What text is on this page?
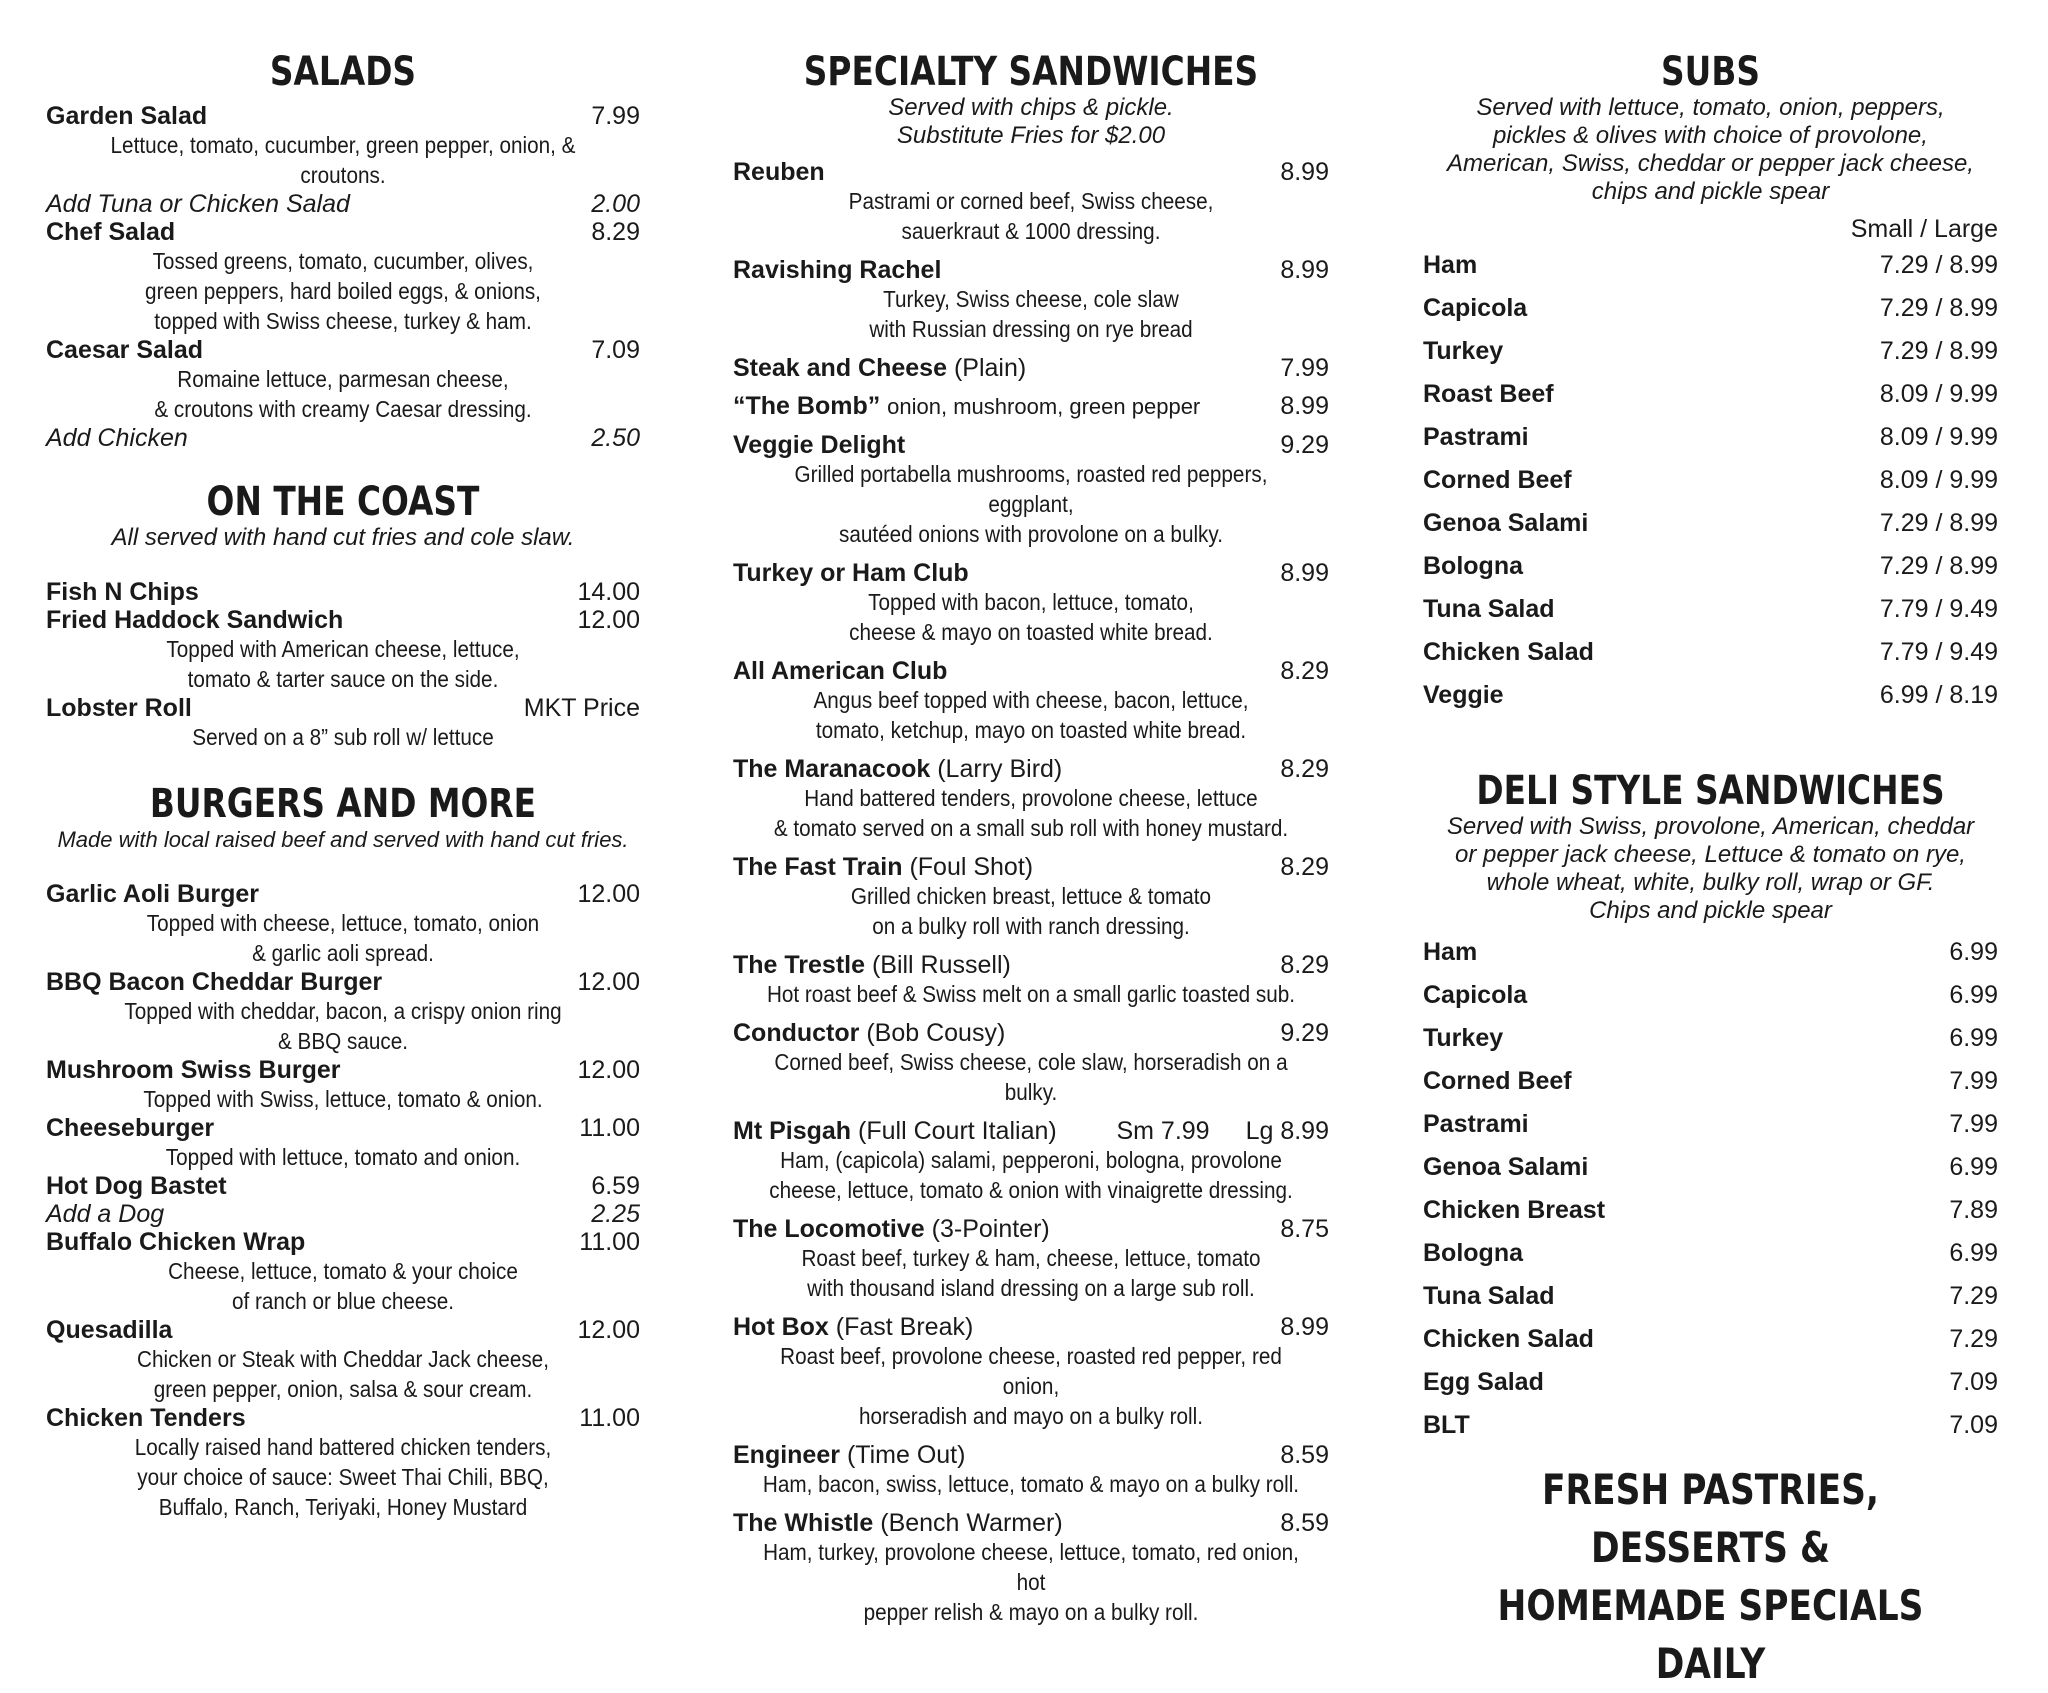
SALADS
Garden Salad	7.99
Lettuce, tomato, cucumber, green pepper, onion, & croutons.
Add Tuna or Chicken Salad	2.00
Chef Salad	8.29
Tossed greens, tomato, cucumber, olives,
green peppers, hard boiled eggs, & onions,
topped with Swiss cheese, turkey & ham.
Caesar Salad	7.09
Romaine lettuce, parmesan cheese,
& croutons with creamy Caesar dressing.
Add Chicken	2.50
ON THE COAST
All served with hand cut fries and cole slaw.
Fish N Chips	14.00
Fried Haddock Sandwich	12.00
Topped with American cheese, lettuce,
tomato & tarter sauce on the side.
Lobster Roll	MKT Price
Served on a 8” sub roll w/ lettuce
BURGERS AND MORE
Made with local raised beef and served with hand cut fries.
Garlic Aoli Burger	12.00
Topped with cheese, lettuce, tomato, onion
& garlic aoli spread.
BBQ Bacon Cheddar Burger	12.00
Topped with cheddar, bacon, a crispy onion ring
& BBQ sauce.
Mushroom Swiss Burger	12.00
Topped with Swiss, lettuce, tomato & onion.
Cheeseburger	11.00
Topped with lettuce, tomato and onion.
Hot Dog Bastet	6.59
Add a Dog	2.25
Buffalo Chicken Wrap	11.00
Cheese, lettuce, tomato & your choice
of ranch or blue cheese.
Quesadilla	12.00
Chicken or Steak with Cheddar Jack cheese,
green pepper, onion, salsa & sour cream.
Chicken Tenders	11.00
Locally raised hand battered chicken tenders,
your choice of sauce: Sweet Thai Chili, BBQ,
Buffalo, Ranch, Teriyaki, Honey Mustard
SPECIALTY SANDWICHES
Served with chips & pickle.
Substitute Fries for $2.00
Reuben	8.99
Pastrami or corned beef, Swiss cheese,
sauerkraut & 1000 dressing.
Ravishing Rachel	8.99
Turkey, Swiss cheese, cole slaw
with Russian dressing on rye bread
Steak and Cheese (Plain)	7.99
“The Bomb” onion, mushroom, green pepper	8.99
Veggie Delight	9.29
Grilled portabella mushrooms, roasted red peppers, eggplant,
sautéed onions with provolone on a bulky.
Turkey or Ham Club	8.99
Topped with bacon, lettuce, tomato,
cheese & mayo on toasted white bread.
All American Club	8.29
Angus beef topped with cheese, bacon, lettuce,
tomato, ketchup, mayo on toasted white bread.
The Maranacook (Larry Bird)	8.29
Hand battered tenders, provolone cheese, lettuce
& tomato served on a small sub roll with honey mustard.
The Fast Train (Foul Shot)	8.29
Grilled chicken breast, lettuce & tomato
on a bulky roll with ranch dressing.
The Trestle (Bill Russell)	8.29
Hot roast beef & Swiss melt on a small garlic toasted sub.
Conductor (Bob Cousy)	9.29
Corned beef, Swiss cheese, cole slaw, horseradish on a bulky.
Mt Pisgah (Full Court Italian) Sm 7.99 Lg 8.99
Ham, (capicola) salami, pepperoni, bologna, provolone
cheese, lettuce, tomato & onion with vinaigrette dressing.
The Locomotive (3-Pointer)	8.75
Roast beef, turkey & ham, cheese, lettuce, tomato
with thousand island dressing on a large sub roll.
Hot Box (Fast Break)	8.99
Roast beef, provolone cheese, roasted red pepper, red onion,
horseradish and mayo on a bulky roll.
Engineer (Time Out)	8.59
Ham, bacon, swiss, lettuce, tomato & mayo on a bulky roll.
The Whistle (Bench Warmer)	8.59
Ham, turkey, provolone cheese, lettuce, tomato, red onion, hot
pepper relish & mayo on a bulky roll.
SUBS
Served with lettuce, tomato, onion, peppers,
pickles & olives with choice of provolone,
American, Swiss, cheddar or pepper jack cheese,
chips and pickle spear
Small / Large
Ham	7.29 / 8.99
Capicola	7.29 / 8.99
Turkey	7.29 / 8.99
Roast Beef	8.09 / 9.99
Pastrami	8.09 / 9.99
Corned Beef	8.09 / 9.99
Genoa Salami	7.29 / 8.99
Bologna	7.29 / 8.99
Tuna Salad	7.79 / 9.49
Chicken Salad	7.79 / 9.49
Veggie	6.99 / 8.19
DELI STYLE SANDWICHES
Served with Swiss, provolone, American, cheddar
or pepper jack cheese, Lettuce & tomato on rye,
whole wheat, white, bulky roll, wrap or GF.
Chips and pickle spear
Ham	6.99
Capicola	6.99
Turkey	6.99
Corned Beef	7.99
Pastrami	7.99
Genoa Salami	6.99
Chicken Breast	7.89
Bologna	6.99
Tuna Salad	7.29
Chicken Salad	7.29
Egg Salad	7.09
BLT	7.09
FRESH PASTRIES, DESSERTS &
HOMEMADE SPECIALS DAILY
